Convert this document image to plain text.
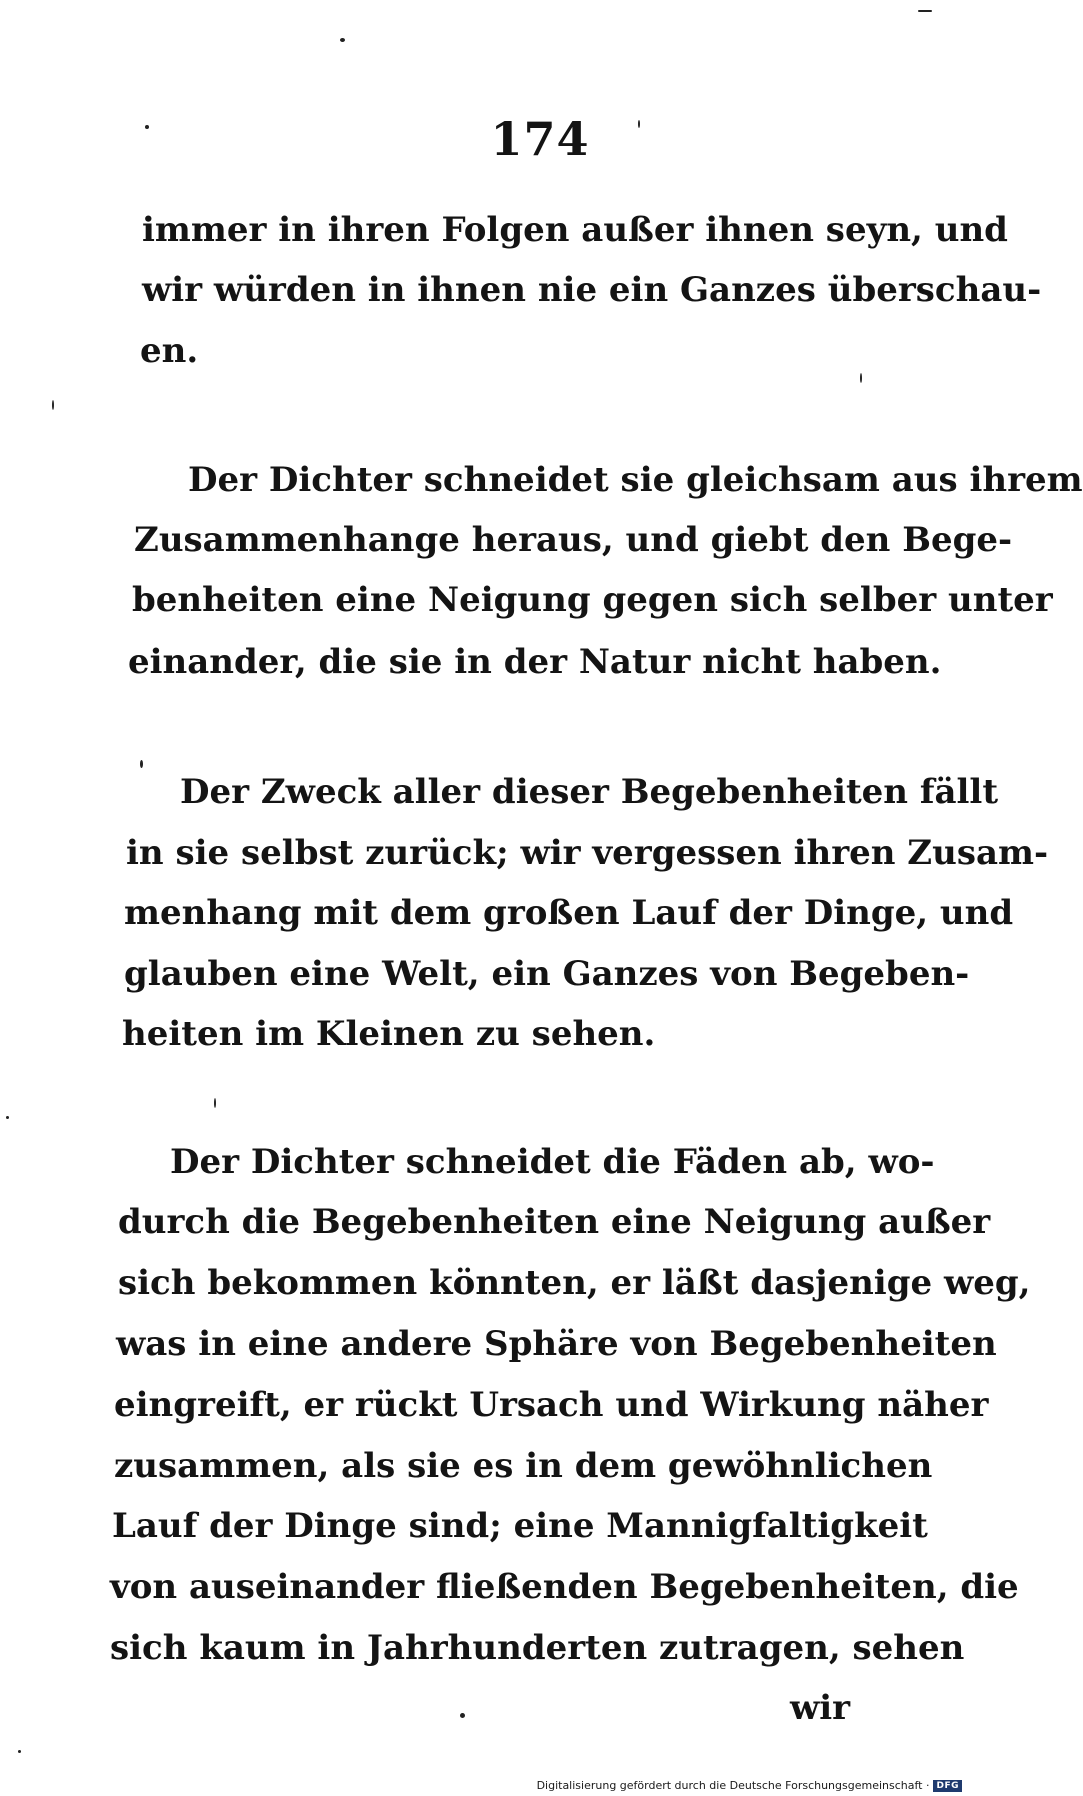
174
immer in ihren Folgen außer ihnen seyn, und
wir würden in ihnen nie ein Ganzes überschau-
en.
Der Dichter schneidet sie gleichsam aus ihrem
Zusammenhange heraus, und giebt den Bege-
benheiten eine Neigung gegen sich selber unter
einander, die sie in der Natur nicht haben.
Der Zweck aller dieser Begebenheiten fällt
in sie selbst zurück; wir vergessen ihren Zusam-
menhang mit dem großen Lauf der Dinge, und
glauben eine Welt, ein Ganzes von Begeben-
heiten im Kleinen zu sehen.
Der Dichter schneidet die Fäden ab, wo-
durch die Begebenheiten eine Neigung außer
sich bekommen könnten, er läßt dasjenige weg,
was in eine andere Sphäre von Begebenheiten
eingreift, er rückt Ursach und Wirkung näher
zusammen, als sie es in dem gewöhnlichen
Lauf der Dinge sind; eine Mannigfaltigkeit
von auseinander fließenden Begebenheiten, die
sich kaum in Jahrhunderten zutragen, sehen
wir
Digitalisierung gefördert durch die Deutsche Forschungsgemeinschaft · DFG
